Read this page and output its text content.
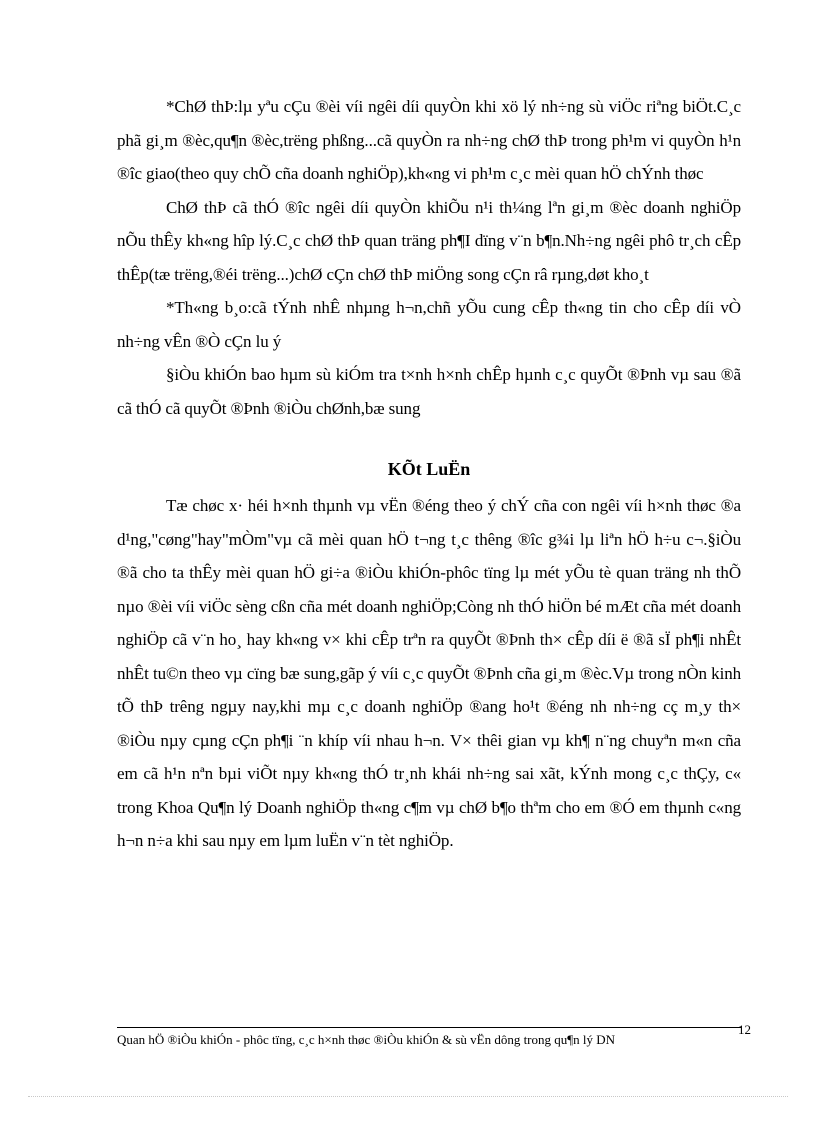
*ChØ thÞ:lµ yªu cÇu ®èi víi ngêi díi quyÒn khi xö lý nh÷ng sù viÖc riªng biÖt.C¸c phã gi¸m ®èc,qu¶n ®èc,trëng phßng...cã quyÒn ra nh÷ng chØ thÞ trong ph¹m vi quyÒn h¹n ®îc giao(theo quy chÕ cña doanh nghiÖp),kh«ng vi ph¹m c¸c mèi quan hÖ chÝnh thøc

ChØ thÞ cã thÓ ®îc ngêi díi quyÒn khiÕu n¹i th¼ng lªn gi¸m ®èc doanh nghiÖp nÕu thÊy kh«ng hîp lý.C¸c chØ thÞ quan träng ph¶I dïng v¨n b¶n.Nh÷ng ngêi phô tr¸ch cÊp thÊp(tæ trëng,®éi trëng...)chØ cÇn chØ thÞ miÖng song cÇn râ rµng,døt kho¸t

*Th«ng b¸o:cã tÝnh nhÊ nhµng h¬n,chñ yÕu cung cÊp th«ng tin cho cÊp díi vÒ nh÷ng vÊn ®Ò cÇn lu ý

§iÒu khiÓn bao hµm sù kiÓm tra t×nh h×nh chÊp hµnh c¸c quyÕt ®Þnh vµ sau ®ã cã thÓ cã quyÕt ®Þnh ®iÒu chØnh,bæ sung

KÕt LuËn

Tæ chøc x· héi h×nh thµnh vµ vËn ®éng theo ý chÝ cña con ngêi víi h×nh thøc ®a d¹ng,"cøng"hay"mÒm"vµ cã mèi quan hÖ t¬ng t¸c thêng ®îc g¾i lµ liªn hÖ h÷u c¬.§iÒu ®ã cho ta thÊy mèi quan hÖ gi÷a ®iÒu khiÓn-phôc tïng lµ mét yÕu tè quan träng nh thÕ nµo ®èi víi viÖc sèng cßn cña mét doanh nghiÖp;Còng nh thÓ hiÖn bé mÆt cña mét doanh nghiÖp cã v¨n ho¸ hay kh«ng v× khi cÊp trªn ra quyÕt ®Þnh th× cÊp díi ë ®ã sÏ ph¶i nhÊt nhÊt tu©n theo vµ cïng bæ sung,gãp ý víi c¸c quyÕt ®Þnh cña gi¸m ®èc.Vµ trong nÒn kinh tÕ thÞ trêng ngµy nay,khi mµ c¸c doanh nghiÖp ®ang ho¹t ®éng nh nh÷ng cç m¸y th× ®iÒu nµy cµng cÇn ph¶i ¨n khíp víi nhau h¬n. V× thêi gian vµ kh¶ n¨ng chuyªn m«n cña em cã h¹n nªn bµi viÕt nµy kh«ng thÓ tr¸nh khái nh÷ng sai xãt, kÝnh mong c¸c thÇy, c« trong Khoa Qu¶n lý Doanh nghiÖp th«ng c¶m vµ chØ b¶o thªm cho em ®Ó em thµnh c«ng h¬n n÷a khi sau nµy em lµm luËn v¨n tèt nghiÖp.

Quan hÖ ®iÒu khiÓn - phôc tïng, c¸c h×nh thøc ®iÒu khiÓn & sù vËn dông trong qu¶n lý DN
12
